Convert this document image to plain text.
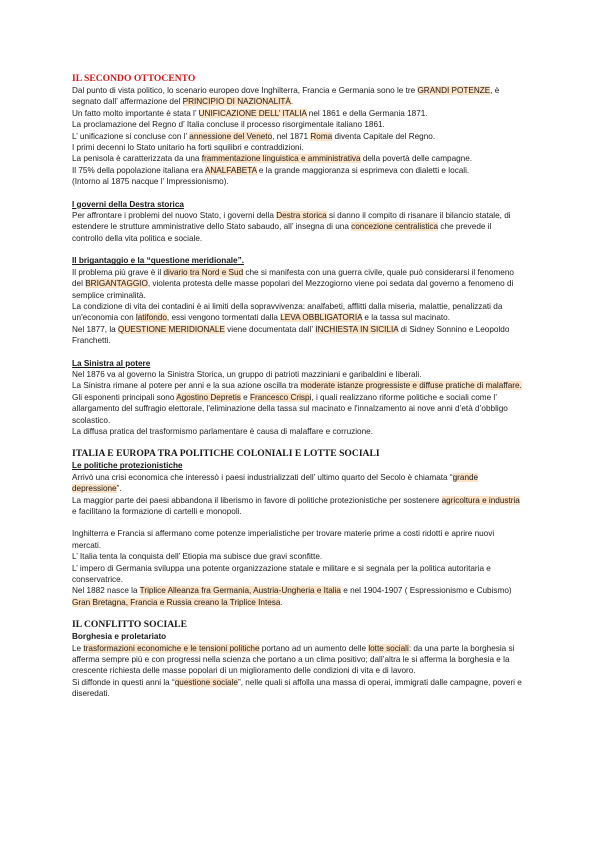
IL SECONDO OTTOCENTO

Dal punto di vista politico, lo scenario europeo dove Inghilterra, Francia e Germania sono le tre GRANDI POTENZE, è segnato dall’ affermazione del PRINCIPIO DI NAZIONALITÀ.

Un fatto molto importante è stata l’ UNIFICAZIONE DELL’ ITALIA nel 1861 e della Germania 1871.

La proclamazione del Regno d’ Italia concluse il processo risorgimentale italiano 1861.

L’ unificazione si concluse con l’ annessione del Veneto, nel 1871 Roma diventa Capitale del Regno.

I primi decenni lo Stato unitario ha forti squilibri e contraddizioni.

La penisola è caratterizzata da una frammentazione linguistica e amministrativa della povertà delle campagne.

Il 75% della popolazione italiana era ANALFABETA e la grande maggioranza si esprimeva con dialetti e locali.

(Intorno al 1875 nacque l’ Impressionismo).

I governi della Destra storica

Per affrontare i problemi del nuovo Stato, i governi della Destra storica si danno il compito di risanare il bilancio statale, di estendere le strutture amministrative dello Stato sabaudo, all’ insegna di una concezione centralistica che prevede il controllo della vita politica e sociale.

Il brigantaggio e la “questione meridionale”.

Il problema più grave è il divario tra Nord e Sud che si manifesta con una guerra civile, quale può considerarsi il fenomeno del BRIGANTAGGIO, violenta protesta delle masse popolari del Mezzogiorno viene poi sedata dal governo a fenomeno di semplice criminalità.

La condizione di vita dei contadini è ai limiti della sopravvivenza: analfabeti, afflitti dalla miseria, malattie, penalizzati da un'economia con latifondo, essi vengono tormentati dalla LEVA OBBLIGATORIA e la tassa sul macinato.

Nel 1877, la QUESTIONE MERIDIONALE viene documentata dall’ INCHIESTA IN SICILIA di Sidney Sonnino e Leopoldo Franchetti.

La Sinistra al potere

Nel 1876 va al governo la Sinistra Storica, un gruppo di patrioti mazziniani e garibaldini e liberali.

La Sinistra rimane al potere per anni e la sua azione oscilla tra moderate istanze progressiste e diffuse pratiche di malaffare.

Gli esponenti principali sono Agostino Depretis e Francesco Crispi, i quali realizzano riforme politiche e sociali come l’ allargamento del suffragio elettorale, l'eliminazione della tassa sul macinato e l'innalzamento ai nove anni d’età d’obbligo scolastico.

La diffusa pratica del trasformismo parlamentare è causa di malaffare e corruzione.

ITALIA E EUROPA TRA POLITICHE COLONIALI E LOTTE SOCIALI
Le politiche protezionistiche

Arrivò una crisi economica che interessò i paesi industrializzati dell’ ultimo quarto del Secolo è chiamata “grande depressione”.

La maggior parte dei paesi abbandona il liberismo in favore di politiche protezionistiche per sostenere agricoltura e industria e facilitano la formazione di cartelli e monopoli.

Inghilterra e Francia si affermano come potenze imperialistiche per trovare materie prime a costi ridotti e aprire nuovi mercati.

L’ Italia tenta la conquista dell’ Etiopia ma subisce due gravi sconfitte.

L’ impero di Germania sviluppa una potente organizzazione statale e militare e si segnala per la politica autoritaria e conservatrice.

Nel 1882 nasce la Triplice Alleanza fra Germania, Austria-Ungheria e Italia e nel 1904-1907 ( Espressionismo e Cubismo) Gran Bretagna, Francia e Russia creano la Triplice Intesa.

IL CONFLITTO SOCIALE
Borghesia e proletariato

Le trasformazioni economiche e le tensioni politiche portano ad un aumento delle lotte sociali: da una parte la borghesia si afferma sempre più e con progressi nella scienza che portano a un clima positivo; dall’altra le si afferma la borghesia e la crescente richiesta delle masse popolari di un miglioramento delle condizioni di vita e di lavoro.

Si diffonde in questi anni la “questione sociale”, nelle quali si affolla una massa di operai, immigrati dalle campagne, poveri e diseredati.
